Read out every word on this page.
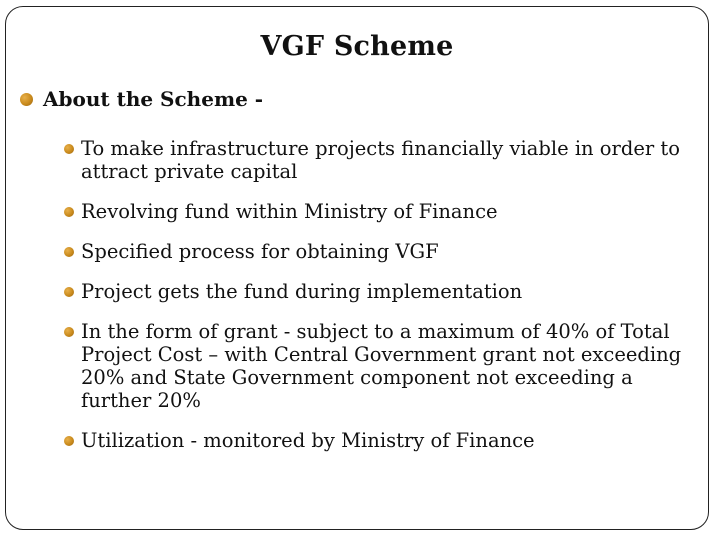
VGF Scheme
About the Scheme -
To make infrastructure projects financially viable in order to attract private capital
Revolving fund within Ministry of Finance
Specified process for obtaining VGF
Project gets the fund during implementation
In the form of grant - subject to a maximum of 40% of Total Project Cost – with Central Government grant not exceeding 20% and State Government component not exceeding a further 20%
Utilization - monitored by Ministry of Finance
